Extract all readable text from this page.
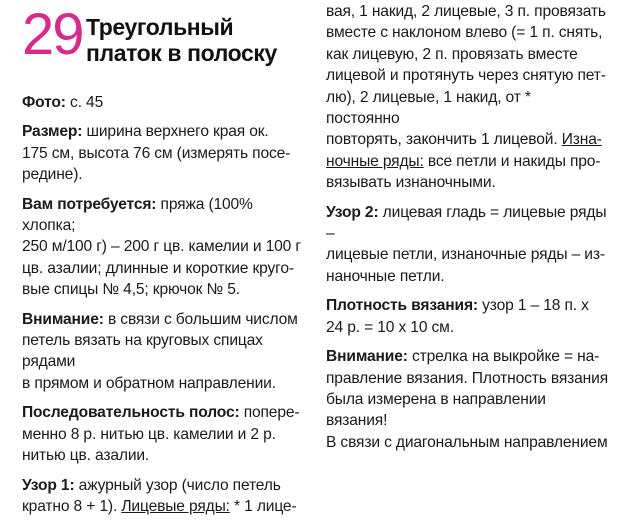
29 Треугольный
платок в полоску
Фото: с. 45
Размер: ширина верхнего края ок.
175 см, высота 76 см (измерять посе-
редине).
Вам потребуется: пряжа (100% хлопка;
250 м/100 г) – 200 г цв. камелии и 100 г
цв. азалии; длинные и короткие круго-
вые спицы № 4,5; крючок № 5.
Внимание: в связи с большим числом
петель вязать на круговых спицах рядами
в прямом и обратном направлении.
Последовательность полос: попере-
менно 8 р. нитью цв. камелии и 2 р.
нитью цв. азалии.
Узор 1: ажурный узор (число петель
кратно 8 + 1). Лицевые ряды: * 1 лице-
вая, 1 накид, 2 лицевые, 3 п. провязать
вместе с наклоном влево (= 1 п. снять,
как лицевую, 2 п. провязать вместе
лицевой и протянуть через снятую пет-
лю), 2 лицевые, 1 накид, от * постоянно
повторять, закончить 1 лицевой. Изна-
ночные ряды: все петли и накиды про-
вязывать изнаночными.
Узор 2: лицевая гладь = лицевые ряды –
лицевые петли, изнаночные ряды – из-
наночные петли.
Плотность вязания: узор 1 – 18 п. х
24 р. = 10 х 10 см.
Внимание: стрелка на выкройке = на-
правление вязания. Плотность вязания
была измерена в направлении вязания!
В связи с диагональным направлением
